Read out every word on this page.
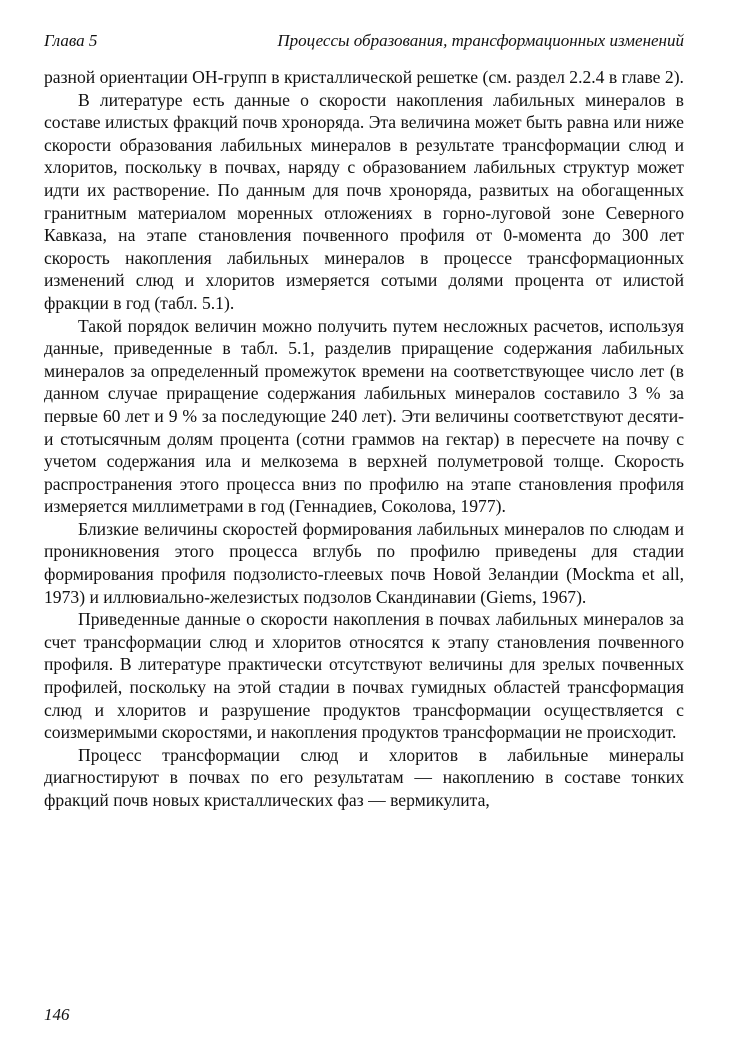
Глава 5	Процессы образования, трансформационных изменений

разной ориентации ОН-групп в кристаллической решетке (см. раздел 2.2.4 в главе 2).

В литературе есть данные о скорости накопления лабильных минералов в составе илистых фракций почв хроноряда. Эта величина может быть равна или ниже скорости образования лабильных минералов в результате трансформации слюд и хлоритов, поскольку в почвах, наряду с образованием лабильных структур может идти их растворение. По данным для почв хроноряда, развитых на обогащенных гранитным материалом моренных отложениях в горно-луговой зоне Северного Кавказа, на этапе становления почвенного профиля от 0-момента до 300 лет скорость накопления лабильных минералов в процессе трансформационных изменений слюд и хлоритов измеряется сотыми долями процента от илистой фракции в год (табл. 5.1).

Такой порядок величин можно получить путем несложных расчетов, используя данные, приведенные в табл. 5.1, разделив приращение содержания лабильных минералов за определенный промежуток времени на соответствующее число лет (в данном случае приращение содержания лабильных минералов составило 3 % за первые 60 лет и 9 % за последующие 240 лет). Эти величины соответствуют десяти- и стотысячным долям процента (сотни граммов на гектар) в пересчете на почву с учетом содержания ила и мелкозема в верхней полуметровой толще. Скорость распространения этого процесса вниз по профилю на этапе становления профиля измеряется миллиметрами в год (Геннадиев, Соколова, 1977).

Близкие величины скоростей формирования лабильных минералов по слюдам и проникновения этого процесса вглубь по профилю приведены для стадии формирования профиля подзолисто-глеевых почв Новой Зеландии (Mockma et all, 1973) и иллювиально-железистых подзолов Скандинавии (Giems, 1967).

Приведенные данные о скорости накопления в почвах лабильных минералов за счет трансформации слюд и хлоритов относятся к этапу становления почвенного профиля. В литературе практически отсутствуют величины для зрелых почвенных профилей, поскольку на этой стадии в почвах гумидных областей трансформация слюд и хлоритов и разрушение продуктов трансформации осуществляется с соизмеримыми скоростями, и накопления продуктов трансформации не происходит.

Процесс трансформации слюд и хлоритов в лабильные минералы диагностируют в почвах по его результатам — накоплению в составе тонких фракций почв новых кристаллических фаз — вермикулита,

146
